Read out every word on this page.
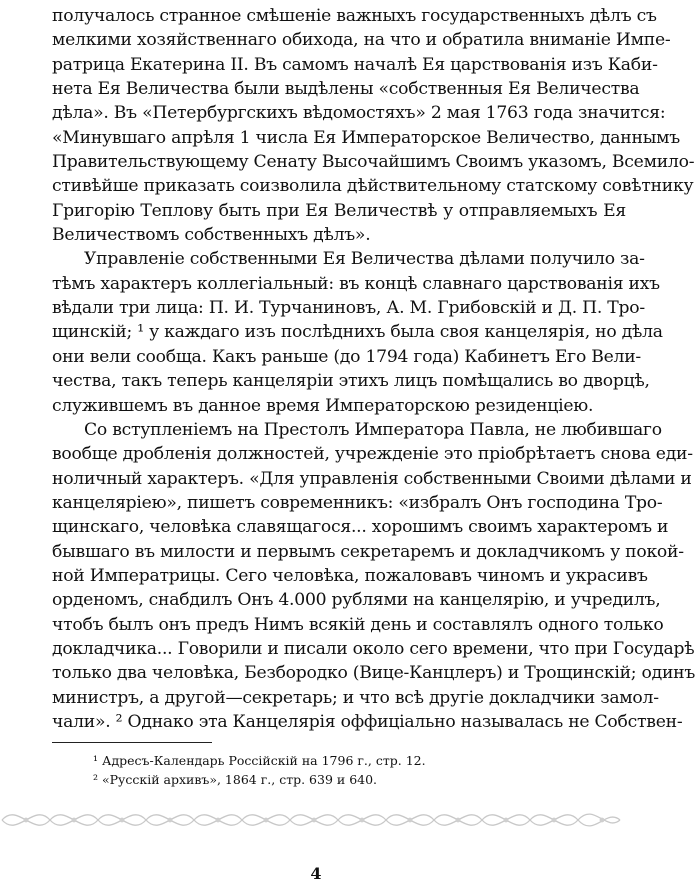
получалось странное смѣшеніе важныхъ государственныхъ дѣлъ съ
мелкими хозяйственнаго обихода, на что и обратила вниманіе Импе-
ратрица Екатерина II. Въ самомъ началѣ Ея царствованія изъ Каби-
нета Ея Величества были выдѣлены «собственныя Ея Величества
дѣла». Въ «Петербургскихъ вѣдомостяхъ» 2 мая 1763 года значится:
«Минувшаго апрѣля 1 числа Ея Императорское Величество, даннымъ
Правительствующему Сенату Высочайшимъ Своимъ указомъ, Всемило-
стивѣйше приказать соизволила дѣйствительному статскому совѣтнику
Григорію Теплову быть при Ея Величествѣ у отправляемыхъ Ея
Величествомъ собственныхъ дѣлъ».
Управленіе собственными Ея Величества дѣлами получило за-
тѣмъ характеръ коллегіальный: въ концѣ славнаго царствованія ихъ
вѣдали три лица: П. И. Турчаниновъ, А. М. Грибовскій и Д. П. Тро-
щинскій; ¹ у каждаго изъ послѣднихъ была своя канцелярія, но дѣла
они вели сообща. Какъ раньше (до 1794 года) Кабинетъ Его Вели-
чества, такъ теперь канцеляріи этихъ лицъ помѣщались во дворцѣ,
служившемъ въ данное время Императорскою резиденціею.
Со вступленіемъ на Престолъ Императора Павла, не любившаго
вообще дробленія должностей, учрежденіе это пріобрѣтаетъ снова еди-
ноличный характеръ. «Для управленія собственными Своими дѣлами и
канцеляріею», пишетъ современникъ: «избралъ Онъ господина Тро-
щинскаго, человѣка славящагося... хорошимъ своимъ характеромъ и
бывшаго въ милости и первымъ секретаремъ и докладчикомъ у покой-
ной Императрицы. Сего человѣка, пожаловавъ чиномъ и украсивъ
орденомъ, снабдилъ Онъ 4.000 рублями на канцелярію, и учредилъ,
чтобъ былъ онъ предъ Нимъ всякій день и составлялъ одного только
докладчика... Говорили и писали около сего времени, что при Государѣ
только два человѣка, Безбородко (Вице-Канцлеръ) и Трощинскій; одинъ
министръ, а другой—секретарь; и что всѣ другіе докладчики замол-
чали». ² Однако эта Канцелярія оффиціально называлась не Собствен-
¹ Адресъ-Календарь Россійскій на 1796 г., стр. 12.
² «Русскій архивъ», 1864 г., стр. 639 и 640.
4
